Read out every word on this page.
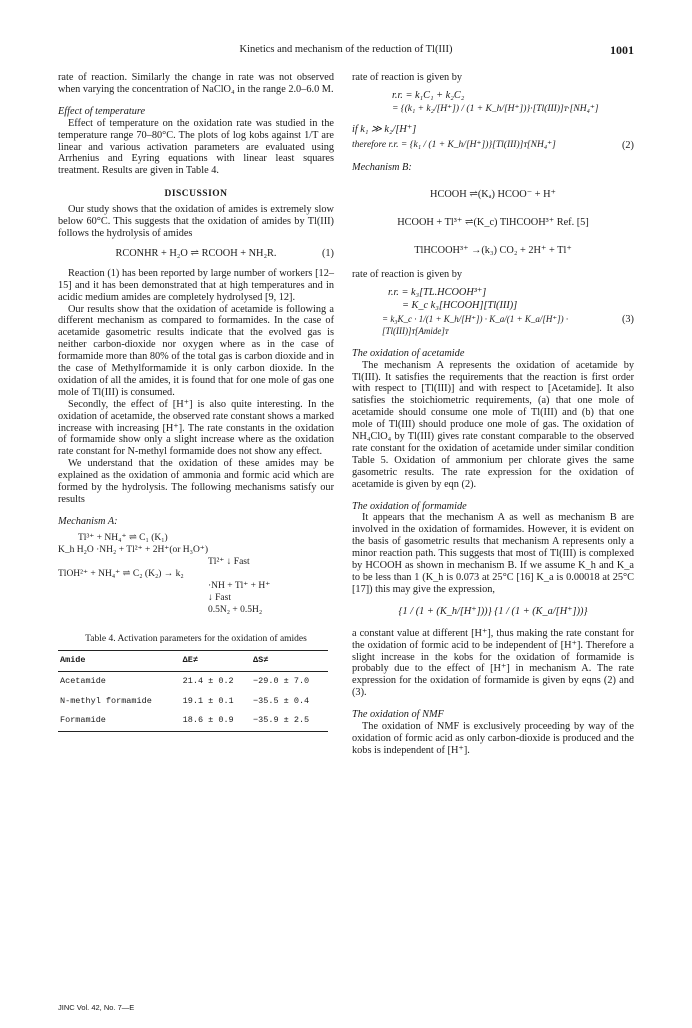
Kinetics and mechanism of the reduction of Tl(III)	1001

rate of reaction. Similarly the change in rate was not observed when varying the concentration of NaClO₄ in the range 2.0–6.0 M.

Effect of temperature

Effect of temperature on the oxidation rate was studied in the temperature range 70–80°C. The plots of log kobs against 1/T are linear and various activation parameters are evaluated using Arrhenius and Eyring equations with linear least squares treatment. Results are given in Table 4.

DISCUSSION

Our study shows that the oxidation of amides is extremely slow below 60°C. This suggests that the oxidation of amides by Tl(III) follows the hydrolysis of amides

RCONHR + H₂O ⇌ RCOOH + NH₂R.	(1)

Reaction (1) has been reported by large number of workers [12–15] and it has been demonstrated that at high temperatures and in acidic medium amides are completely hydrolysed [9, 12].

Our results show that the oxidation of acetamide is following a different mechanism as compared to formamides. In the case of acetamide gasometric results indicate that the evolved gas is neither carbon-dioxide nor oxygen where as in the case of formamide more than 80% of the total gas is carbon dioxide and in the case of Methylformamide it is only carbon dioxide. In the oxidation of all the amides, it is found that for one mole of gas one mole of Tl(III) is consumed.

Secondly, the effect of [H⁺] is also quite interesting. In the oxidation of acetamide, the observed rate constant shows a marked increase with increasing [H⁺]. The rate constants in the oxidation of formamide show only a slight increase where as the oxidation rate constant for N-methyl formamide does not show any effect.

We understand that the oxidation of these amides may be explained as the oxidation of ammonia and formic acid which are formed by the hydrolysis. The following mechanisms satisfy our results

Mechanism A:

Tl³⁺ + NH₄⁺ ⇌ C₁ (K₁)
K_h H₂O ·NH₂ + Tl²⁺ + 2H⁺(or H₃O⁺)
Tl²⁺ ↓ Fast
TlOH²⁺ + NH₄⁺ ⇌ C₂ (K₂) → k₂
·NH + Tl⁺ + H⁺
↓ Fast
0.5N₂ + 0.5H₂
Table 4. Activation parameters for the oxidation of amides
Amide	ΔE≠	ΔS≠
Acetamide	21.4 ± 0.2	−29.0 ± 7.0
N-methyl formamide	19.1 ± 0.1	−35.5 ± 0.4
Formamide	18.6 ± 0.9	−35.9 ± 2.5

rate of reaction is given by

r.r. = k₁C₁ + k₂C₂
= {(k₁ + k₂/[H⁺]) / (1 + K_h/[H⁺])}·[Tl(III)]ᴛ·[NH₄⁺]
if k₁ ≫ k₂/[H⁺]
therefore r.r. = {k₁ / (1 + K_h/[H⁺])}[Tl(III)]ᴛ[NH₄⁺]	(2)

Mechanism B:

HCOOH ⇌(Kₐ) HCOO⁻ + H⁺
HCOOH + Tl³⁺ ⇌(K_c) TlHCOOH³⁺ Ref. [5]
TlHCOOH³⁺ →(k₃) CO₂ + 2H⁺ + Tl⁺

rate of reaction is given by

r.r. = k₃[TL.HCOOH³⁺]
= K_c k₃[HCOOH][Tl(III)]
= k₃K_c · 1/(1 + K_h/[H⁺]) · K_a/(1 + K_a/[H⁺]) · [Tl(III)]ᴛ[Amide]ᴛ
(3)

The oxidation of acetamide

The mechanism A represents the oxidation of acetamide by Tl(III). It satisfies the requirements that the reaction is first order with respect to [Tl(III)] and with respect to [Acetamide]. It also satisfies the stoichiometric requirements, (a) that one mole of acetamide should consume one mole of Tl(III) and (b) that one mole of Tl(III) should produce one mole of gas. The oxidation of NH₄ClO₄ by Tl(III) gives rate constant comparable to the observed rate constant for the oxidation of acetamide under similar condition Table 5. Oxidation of ammonium per chlorate gives the same gasometric results. The rate expression for the oxidation of acetamide is given by eqn (2).

The oxidation of formamide

It appears that the mechanism A as well as mechanism B are involved in the oxidation of formamides. However, it is evident on the basis of gasometric results that mechanism A represents only a minor reaction path. This suggests that most of Tl(III) is complexed by HCOOH as shown in mechanism B. If we assume K_h and K_a to be less than 1 (K_h is 0.073 at 25°C [16] K_a is 0.00018 at 25°C [17]) this may give the expression,

{1 / (1 + (K_h/[H⁺]))} {1 / (1 + (K_a/[H⁺]))}

a constant value at different [H⁺], thus making the rate constant for the oxidation of formic acid to be independent of [H⁺]. Therefore a slight increase in the kobs for the oxidation of formamide is probably due to the effect of [H⁺] in mechanism A. The rate expression for the oxidation of formamide is given by eqns (2) and (3).

The oxidation of NMF

The oxidation of NMF is exclusively proceeding by way of the oxidation of formic acid as only carbon-dioxide is produced and the kobs is independent of [H⁺].

JINC Vol. 42, No. 7—E
